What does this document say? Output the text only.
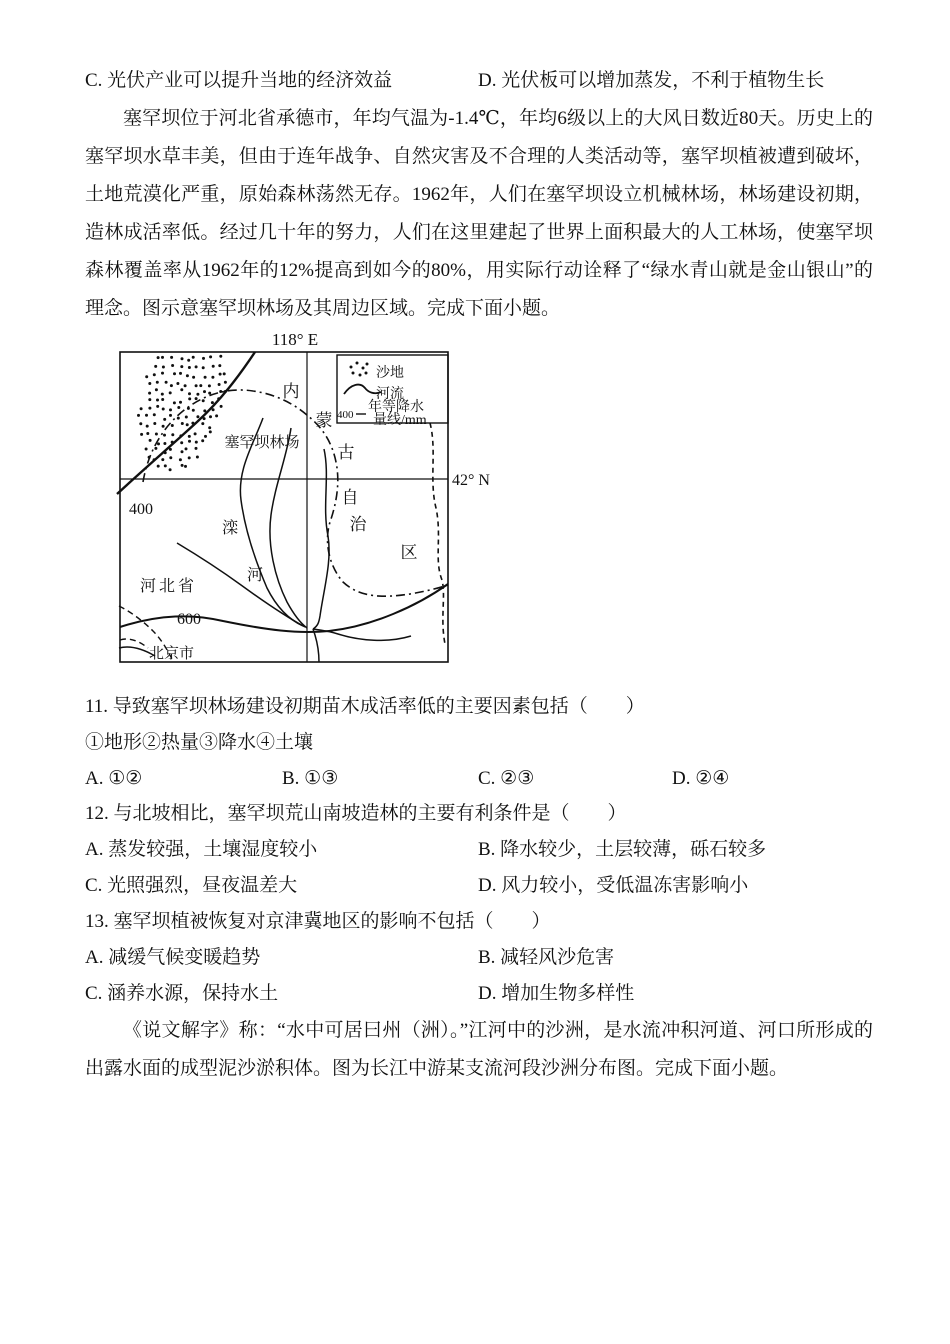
C. 光伏产业可以提升当地的经济效益	D. 光伏板可以增加蒸发，不利于植物生长
塞罕坝位于河北省承德市，年均气温为-1.4℃，年均6级以上的大风日数近80天。历史上的塞罕坝水草丰美，但由于连年战争、自然灾害及不合理的人类活动等，塞罕坝植被遭到破坏，土地荒漠化严重，原始森林荡然无存。1962年，人们在塞罕坝设立机械林场，林场建设初期，造林成活率低。经过几十年的努力，人们在这里建起了世界上面积最大的人工林场，使塞罕坝森林覆盖率从1962年的12%提高到如今的80%，用实际行动诠释了“绿水青山就是金山银山”的理念。图示意塞罕坝林场及其周边区域。完成下面小题。
118° E
42° N
沙地
河流
400 年等降水
量线/mm
内
蒙
古
自
治
区
塞罕坝林场
400
600
滦
河
河北省
北京市
11. 导致塞罕坝林场建设初期苗木成活率低的主要因素包括（　　）
①地形②热量③降水④土壤
A. ①②	B. ①③	C. ②③	D. ②④
12. 与北坡相比，塞罕坝荒山南坡造林的主要有利条件是（　　）
A. 蒸发较强，土壤湿度较小	B. 降水较少，土层较薄，砾石较多
C. 光照强烈，昼夜温差大	D. 风力较小，受低温冻害影响小
13. 塞罕坝植被恢复对京津冀地区的影响不包括（　　）
A. 减缓气候变暖趋势	B. 减轻风沙危害
C. 涵养水源，保持水土	D. 增加生物多样性
《说文解字》称：“水中可居曰州（洲）。”江河中的沙洲，是水流冲积河道、河口所形成的出露水面的成型泥沙淤积体。图为长江中游某支流河段沙洲分布图。完成下面小题。
